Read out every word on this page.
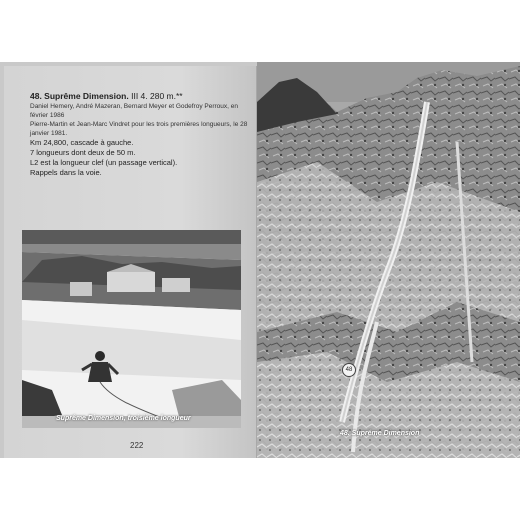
48. Suprême Dimension. III 4. 280 m.**

Daniel Hemery, André Mazeran, Bernard Meyer et Godefroy Perroux, en février 1986

Pierre-Martin et Jean-Marc Vindret pour les trois premières longueurs, le 28 janvier 1981.

Km 24,800, cascade à gauche.

7 longueurs dont deux de 50 m.

L2 est la longueur clef (un passage vertical).

Rappels dans la voie.

Suprême Dimension, troisième longueur
222
48
48. Suprême Dimension
